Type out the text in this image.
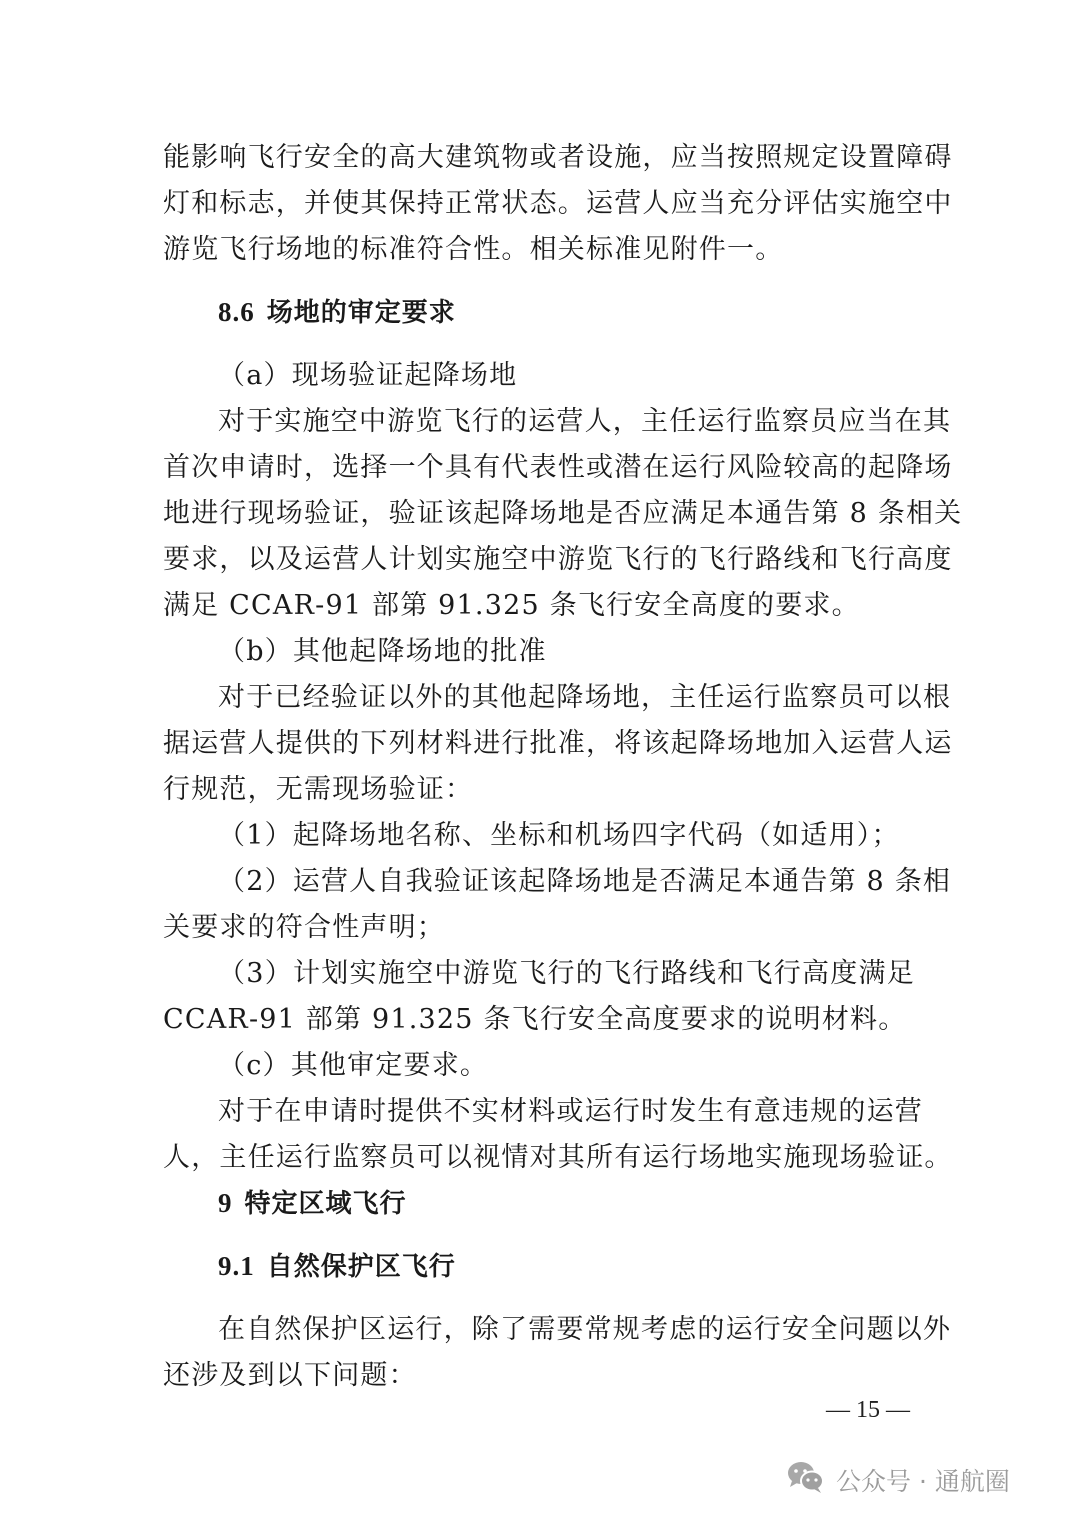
能影响飞行安全的高大建筑物或者设施，应当按照规定设置障碍
灯和标志，并使其保持正常状态。运营人应当充分评估实施空中
游览飞行场地的标准符合性。相关标准见附件一。
8.6 场地的审定要求
（a）现场验证起降场地
对于实施空中游览飞行的运营人，主任运行监察员应当在其
首次申请时，选择一个具有代表性或潜在运行风险较高的起降场
地进行现场验证，验证该起降场地是否应满足本通告第 8 条相关
要求，以及运营人计划实施空中游览飞行的飞行路线和飞行高度
满足 CCAR-91 部第 91.325 条飞行安全高度的要求。
（b）其他起降场地的批准
对于已经验证以外的其他起降场地，主任运行监察员可以根
据运营人提供的下列材料进行批准，将该起降场地加入运营人运
行规范，无需现场验证：
（1）起降场地名称、坐标和机场四字代码（如适用）；
（2）运营人自我验证该起降场地是否满足本通告第 8 条相
关要求的符合性声明；
（3）计划实施空中游览飞行的飞行路线和飞行高度满足
CCAR-91 部第 91.325 条飞行安全高度要求的说明材料。
（c）其他审定要求。
对于在申请时提供不实材料或运行时发生有意违规的运营
人，主任运行监察员可以视情对其所有运行场地实施现场验证。
9 特定区域飞行
9.1 自然保护区飞行
在自然保护区运行，除了需要常规考虑的运行安全问题以外
还涉及到以下问题：
— 15 —
公众号 · 通航圈
